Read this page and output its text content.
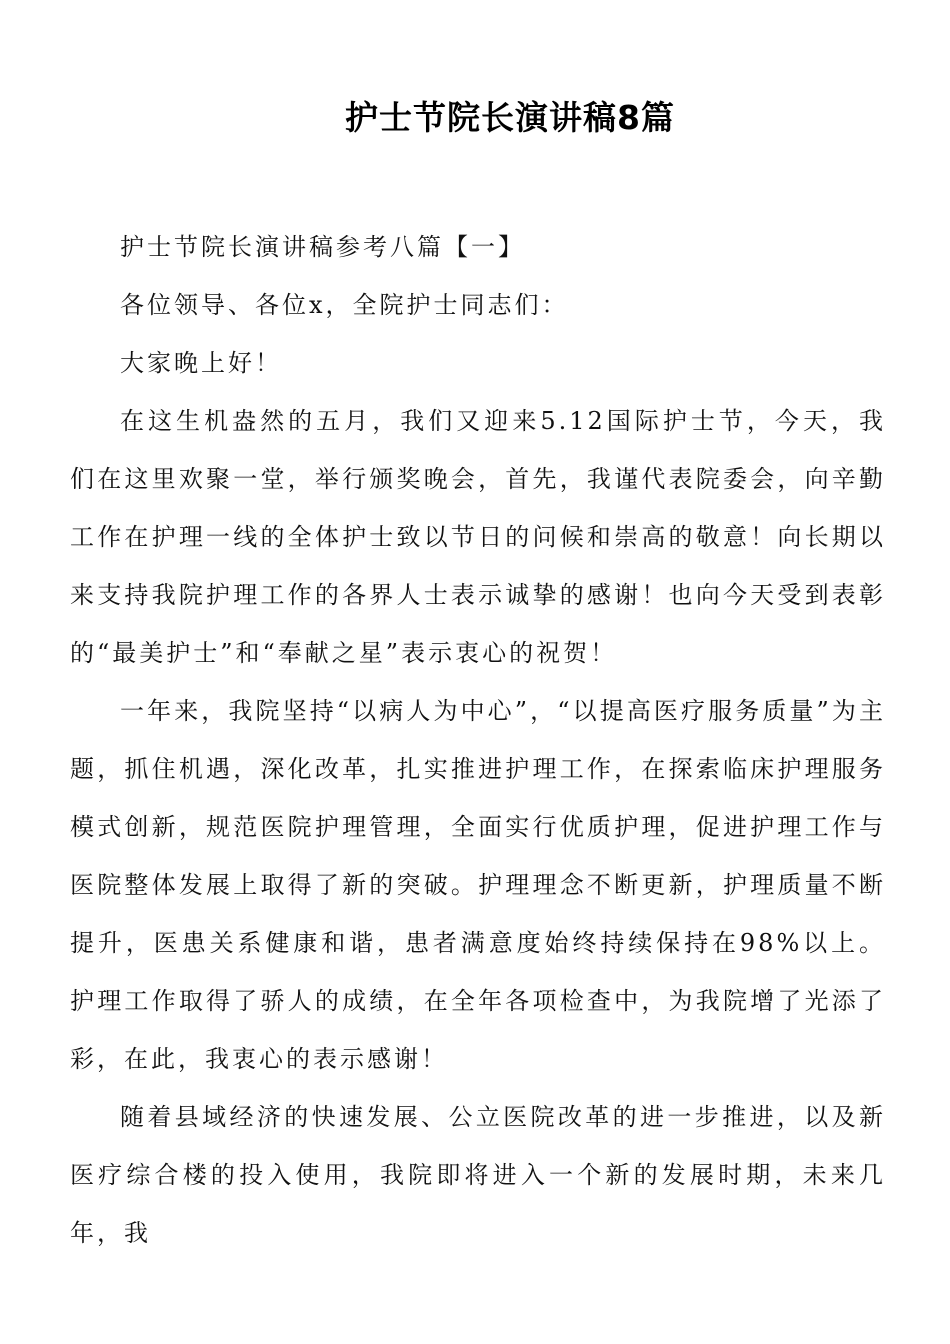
护士节院长演讲稿8篇

护士节院长演讲稿参考八篇【一】

各位领导、各位x，全院护士同志们：

大家晚上好！

在这生机盎然的五月，我们又迎来5.12国际护士节，今天，我们在这里欢聚一堂，举行颁奖晚会，首先，我谨代表院委会，向辛勤工作在护理一线的全体护士致以节日的问候和崇高的敬意！向长期以来支持我院护理工作的各界人士表示诚挚的感谢！也向今天受到表彰的“最美护士”和“奉献之星”表示衷心的祝贺！

一年来，我院坚持“以病人为中心”，“以提高医疗服务质量”为主题，抓住机遇，深化改革，扎实推进护理工作，在探索临床护理服务模式创新，规范医院护理管理，全面实行优质护理，促进护理工作与医院整体发展上取得了新的突破。护理理念不断更新，护理质量不断提升，医患关系健康和谐，患者满意度始终持续保持在98%以上。护理工作取得了骄人的成绩，在全年各项检查中，为我院增了光添了彩，在此，我衷心的表示感谢！

随着县域经济的快速发展、公立医院改革的进一步推进，以及新医疗综合楼的投入使用，我院即将进入一个新的发展时期，未来几年，我
